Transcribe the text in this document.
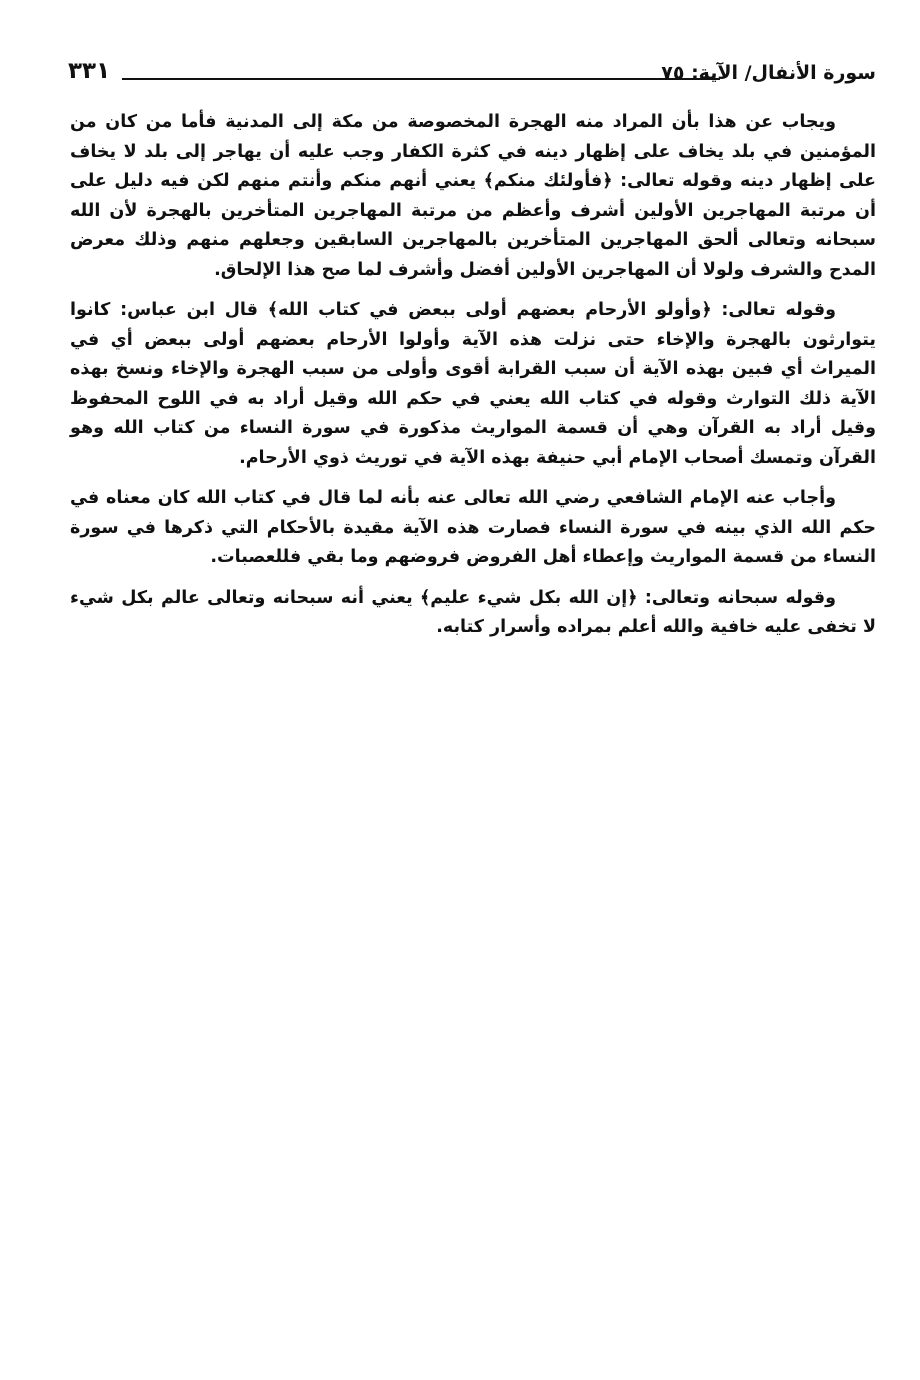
سورة الأنفال/ الآية: ٧٥
٣٣١

ويجاب عن هذا بأن المراد منه الهجرة المخصوصة من مكة إلى المدنية فأما من كان من المؤمنين في بلد يخاف على إظهار دينه في كثرة الكفار وجب عليه أن يهاجر إلى بلد لا يخاف على إظهار دينه وقوله تعالى: ﴿فأولئك منكم﴾ يعني أنهم منكم وأنتم منهم لكن فيه دليل على أن مرتبة المهاجرين الأولين أشرف وأعظم من مرتبة المهاجرين المتأخرين بالهجرة لأن الله سبحانه وتعالى ألحق المهاجرين المتأخرين بالمهاجرين السابقين وجعلهم منهم وذلك معرض المدح والشرف ولولا أن المهاجرين الأولين أفضل وأشرف لما صح هذا الإلحاق.

وقوله تعالى: ﴿وأولو الأرحام بعضهم أولى ببعض في كتاب الله﴾ قال ابن عباس: كانوا يتوارثون بالهجرة والإخاء حتى نزلت هذه الآية وأولوا الأرحام بعضهم أولى ببعض أي في الميراث أي فبين بهذه الآية أن سبب القرابة أقوى وأولى من سبب الهجرة والإخاء ونسخ بهذه الآية ذلك التوارث وقوله في كتاب الله يعني في حكم الله وقيل أراد به في اللوح المحفوظ وقيل أراد به القرآن وهي أن قسمة المواريث مذكورة في سورة النساء من كتاب الله وهو القرآن وتمسك أصحاب الإمام أبي حنيفة بهذه الآية في توريث ذوي الأرحام.

وأجاب عنه الإمام الشافعي رضي الله تعالى عنه بأنه لما قال في كتاب الله كان معناه في حكم الله الذي بينه في سورة النساء فصارت هذه الآية مقيدة بالأحكام التي ذكرها في سورة النساء من قسمة المواريث وإعطاء أهل الفروض فروضهم وما بقي فللعصبات.

وقوله سبحانه وتعالى: ﴿إن الله بكل شيء عليم﴾ يعني أنه سبحانه وتعالى عالم بكل شيء لا تخفى عليه خافية والله أعلم بمراده وأسرار كتابه.
